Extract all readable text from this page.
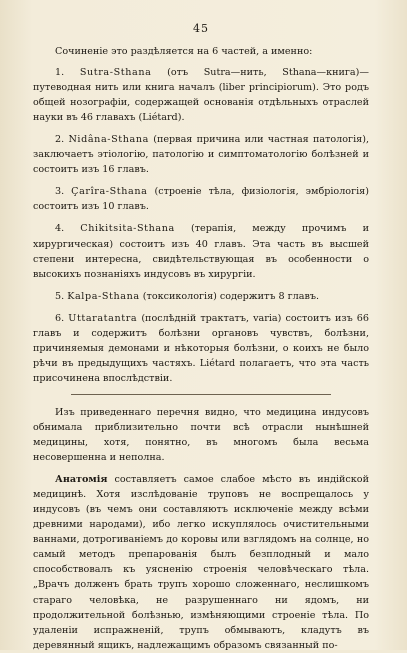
45

Сочиненіе это раздѣляется на 6 частей, а именно:

1. Sutra-Sthana (отъ Sutra—нить, Sthana—книга)—путеводная нить или книга началъ (liber principiorum). Это родъ общей нозографіи, содержащей основанія отдѣльныхъ отраслей науки въ 46 главахъ (Liétard).

2. Nidâna-Sthana (первая причина или частная патологія), заключаетъ этіологію, патологію и симптоматологію болѣзней и состоитъ изъ 16 главъ.

3. Çarîra-Sthana (строеніе тѣла, физіологія, эмбріологія) состоитъ изъ 10 главъ.

4. Chikitsita-Sthana (терапія, между прочимъ и хирургическая) состоитъ изъ 40 главъ. Эта часть въ высшей степени интересна, свидѣтельствующая въ особенности о высокихъ познаніяхъ индусовъ въ хирургіи.

5. Kalpa-Sthana (токсикологія) содержитъ 8 главъ.

6. Uttaratantra (послѣдній трактатъ, varia) состоитъ изъ 66 главъ и содержитъ болѣзни органовъ чувствъ, болѣзни, причиняемыя демонами и нѣкоторыя болѣзни, о коихъ не было рѣчи въ предыдущихъ частяхъ. Liétard полагаетъ, что эта часть присочинена впослѣдствіи.

Изъ приведеннаго перечня видно, что медицина индусовъ обнимала приблизительно почти всѣ отрасли нынѣшней медицины, хотя, понятно, въ многомъ была весьма несовершенна и неполна.

Анатомія составляетъ самое слабое мѣсто въ индійской медицинѣ. Хотя изслѣдованіе труповъ не воспрещалось у индусовъ (въ чемъ они составляютъ исключеніе между всѣми древними народами), ибо легко искуплялось очистительными ваннами, дотрогиваніемъ до коровы или взглядомъ на солнце, но самый методъ препарованія былъ безплодный и мало способствовалъ къ уясненію строенія человѣческаго тѣла. „Врачъ долженъ брать трупъ хорошо сложеннаго, неслишкомъ стараго человѣка, не разрушеннаго ни ядомъ, ни продолжительной болѣзнью, измѣняющими строеніе тѣла. По удаленіи испражненій, трупъ обмываютъ, кладутъ въ деревянный ящикъ, надлежащимъ образомъ связанный по-
